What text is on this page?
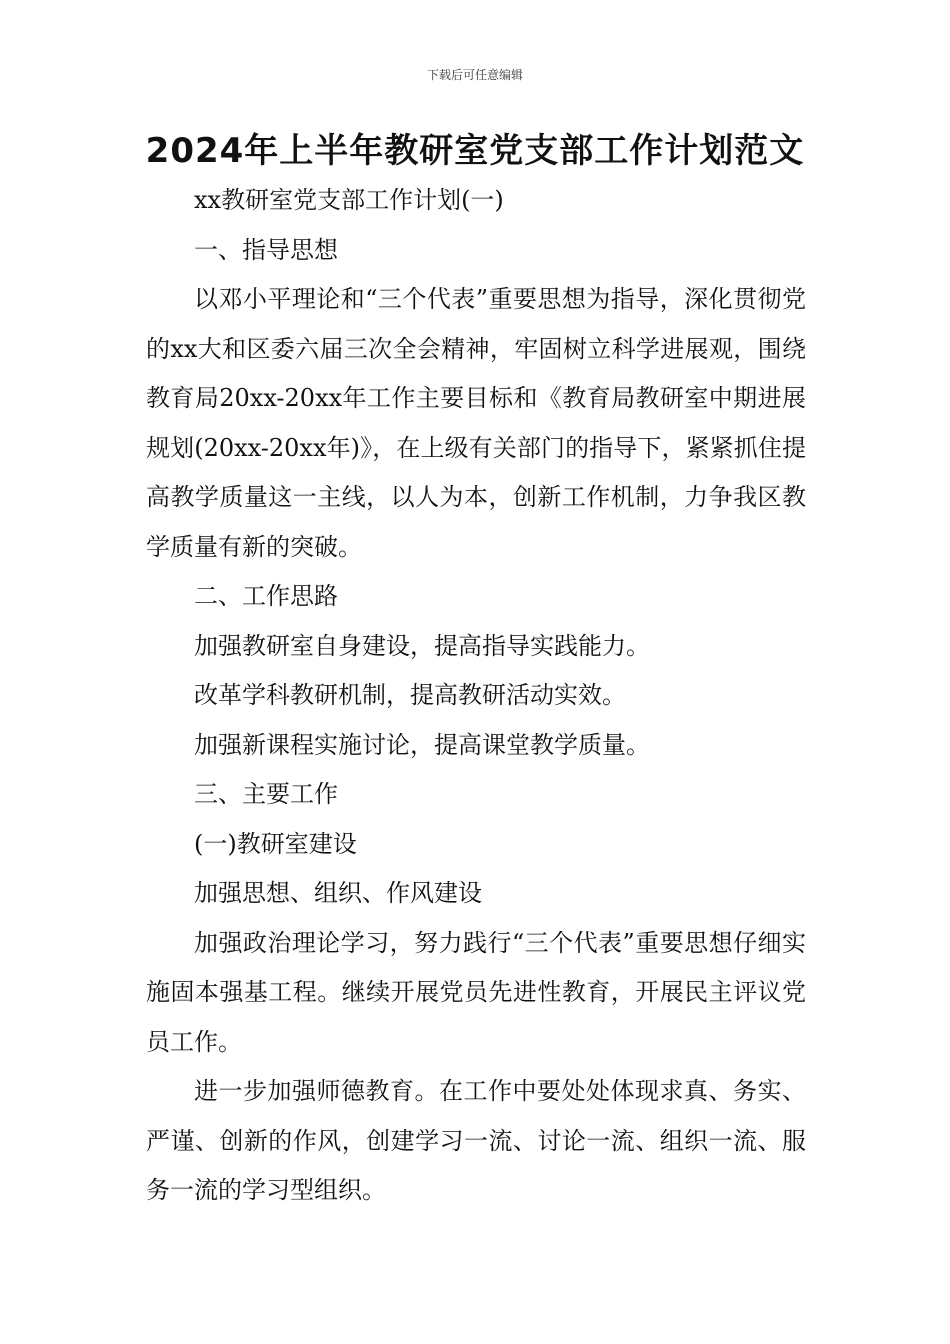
下载后可任意编辑
2024年上半年教研室党支部工作计划范文

xx教研室党支部工作计划(一)

一、指导思想

以邓小平理论和“三个代表”重要思想为指导，深化贯彻党的xx大和区委六届三次全会精神，牢固树立科学进展观，围绕教育局20xx-20xx年工作主要目标和《教育局教研室中期进展规划(20xx-20xx年)》，在上级有关部门的指导下，紧紧抓住提高教学质量这一主线，以人为本，创新工作机制，力争我区教学质量有新的突破。

二、工作思路

加强教研室自身建设，提高指导实践能力。

改革学科教研机制，提高教研活动实效。

加强新课程实施讨论，提高课堂教学质量。

三、主要工作

(一)教研室建设

加强思想、组织、作风建设

加强政治理论学习，努力践行“三个代表”重要思想仔细实施固本强基工程。继续开展党员先进性教育，开展民主评议党员工作。

进一步加强师德教育。在工作中要处处体现求真、务实、严谨、创新的作风，创建学习一流、讨论一流、组织一流、服务一流的学习型组织。
